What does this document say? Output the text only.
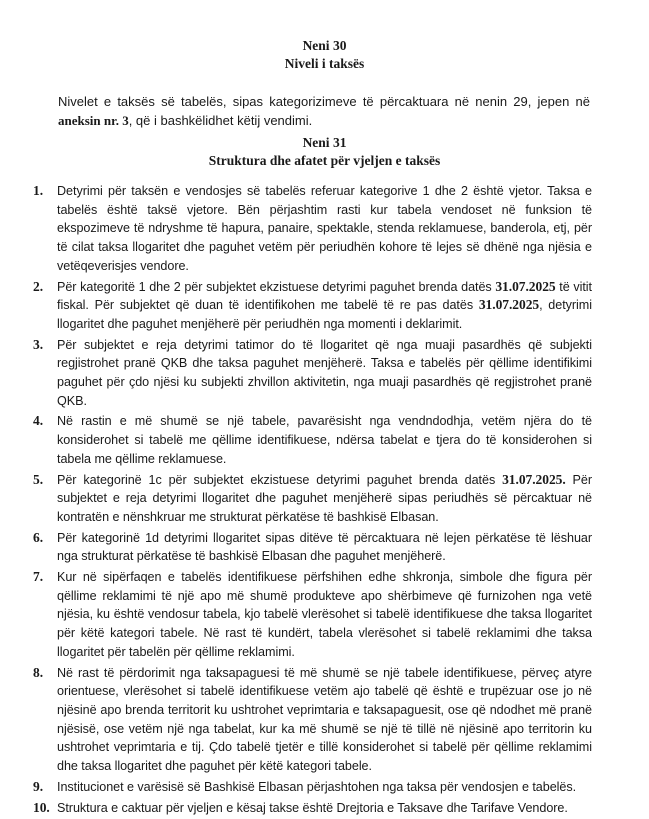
Neni 30
Niveli i taksës
Nivelet e taksës së tabelës, sipas kategorizimeve të përcaktuara në nenin 29, jepen në aneksin nr. 3, që i bashkëlidhet këtij vendimi.
Neni 31
Struktura dhe afatet për vjeljen e taksës
1. Detyrimi për taksën e vendosjes së tabelës referuar kategorive 1 dhe 2 është vjetor. Taksa e tabelës është taksë vjetore. Bën përjashtim rasti kur tabela vendoset në funksion të ekspozimeve të ndryshme të hapura, panaire, spektakle, stenda reklamuese, banderola, etj, për të cilat taksa llogaritet dhe paguhet vetëm për periudhën kohore të lejes së dhënë nga njësia e vetëqeverisjes vendore.
2. Për kategoritë 1 dhe 2 për subjektet ekzistuese detyrimi paguhet brenda datës 31.07.2025 të vitit fiskal. Për subjektet që duan të identifikohen me tabelë të re pas datës 31.07.2025, detyrimi llogaritet dhe paguhet menjëherë për periudhën nga momenti i deklarimit.
3. Për subjektet e reja detyrimi tatimor do të llogaritet që nga muaji pasardhës që subjekti regjistrohet pranë QKB dhe taksa paguhet menjëherë. Taksa e tabelës për qëllime identifikimi paguhet për çdo njësi ku subjekti zhvillon aktivitetin, nga muaji pasardhës që regjistrohet pranë QKB.
4. Në rastin e më shumë se një tabele, pavarësisht nga vendndodhja, vetëm njëra do të konsiderohet si tabelë me qëllime identifikuese, ndërsa tabelat e tjera do të konsiderohen si tabela me qëllime reklamuese.
5. Për kategorinë 1c për subjektet ekzistuese detyrimi paguhet brenda datës 31.07.2025. Për subjektet e reja detyrimi llogaritet dhe paguhet menjëherë sipas periudhës së përcaktuar në kontratën e nënshkruar me strukturat përkatëse të bashkisë Elbasan.
6. Për kategorinë 1d detyrimi llogaritet sipas ditëve të përcaktuara në lejen përkatëse të lëshuar nga strukturat përkatëse të bashkisë Elbasan dhe paguhet menjëherë.
7. Kur në sipërfaqen e tabelës identifikuese përfshihen edhe shkronja, simbole dhe figura për qëllime reklamimi të një apo më shumë produkteve apo shërbimeve që furnizohen nga vetë njësia, ku është vendosur tabela, kjo tabelë vlerësohet si tabelë identifikuese dhe taksa llogaritet për këtë kategori tabele. Në rast të kundërt, tabela vlerësohet si tabelë reklamimi dhe taksa llogaritet për tabelën për qëllime reklamimi.
8. Në rast të përdorimit nga taksapaguesi të më shumë se një tabele identifikuese, përveç atyre orientuese, vlerësohet si tabelë identifikuese vetëm ajo tabelë që është e trupëzuar ose jo në njësinë apo brenda territorit ku ushtrohet veprimtaria e taksapaguesit, ose që ndodhet më pranë njësisë, ose vetëm një nga tabelat, kur ka më shumë se një të tillë në njësinë apo territorin ku ushtrohet veprimtaria e tij. Çdo tabelë tjetër e tillë konsiderohet si tabelë për qëllime reklamimi dhe taksa llogaritet dhe paguhet për këtë kategori tabele.
9. Institucionet e varësisë së Bashkisë Elbasan përjashtohen nga taksa për vendosjen e tabelës.
10. Struktura e caktuar për vjeljen e kësaj takse është Drejtoria e Taksave dhe Tarifave Vendore.
